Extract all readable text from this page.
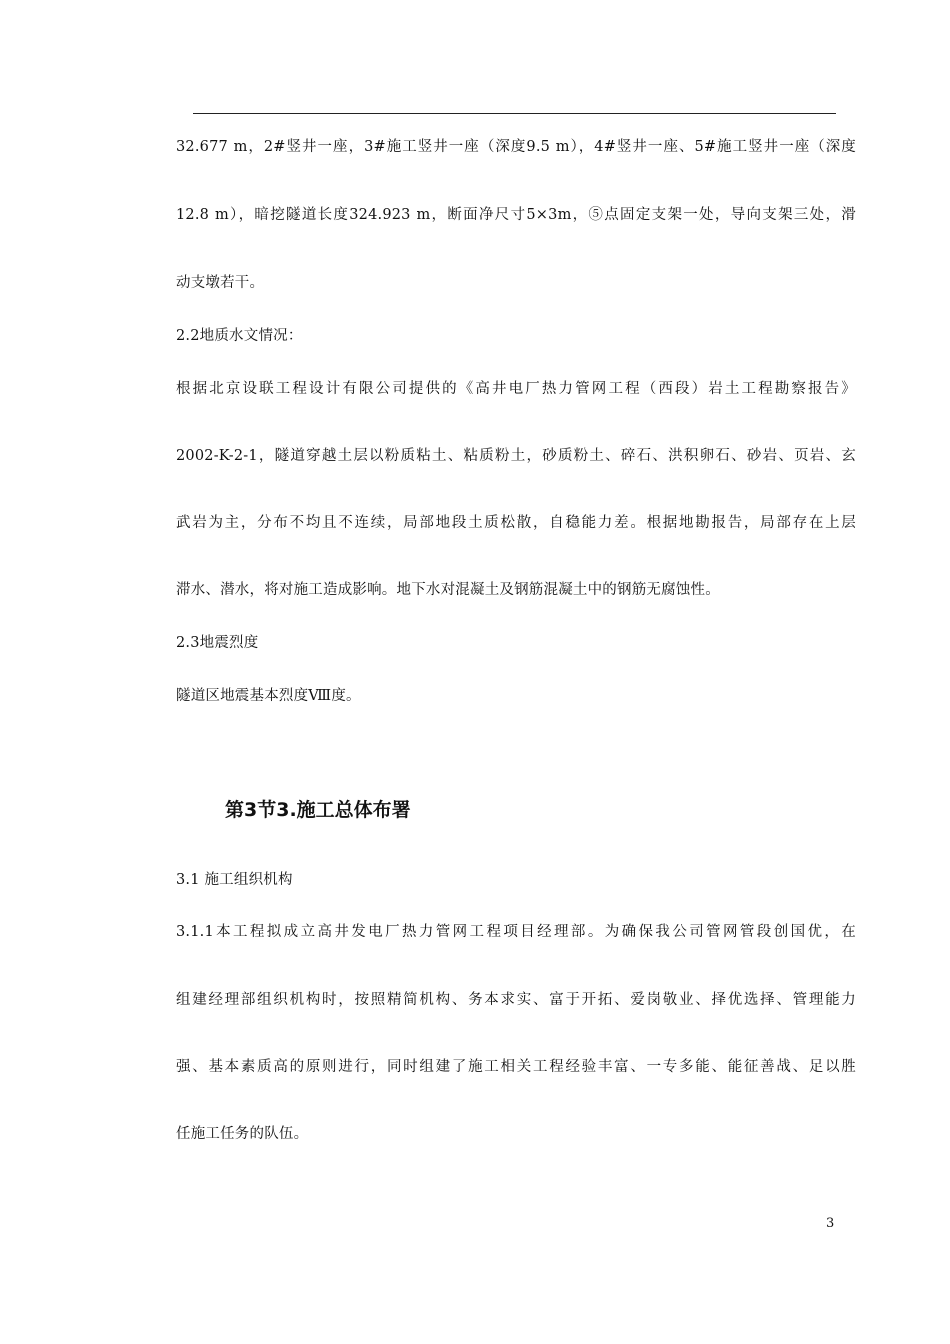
32.677 m，2#竖井一座，3#施工竖井一座（深度9.5 m），4#竖井一座、5#施工竖井一座（深度
12.8 m），暗挖隧道长度324.923 m，断面净尺寸5×3m，⑤点固定支架一处，导向支架三处，滑
动支墩若干。
2.2地质水文情况：
根据北京设联工程设计有限公司提供的《高井电厂热力管网工程（西段）岩土工程勘察报告》
2002-K-2-1，隧道穿越土层以粉质粘土、粘质粉土，砂质粉土、碎石、洪积卵石、砂岩、页岩、玄
武岩为主，分布不均且不连续，局部地段土质松散，自稳能力差。根据地勘报告，局部存在上层
滞水、潜水，将对施工造成影响。地下水对混凝土及钢筋混凝土中的钢筋无腐蚀性。
2.3地震烈度
隧道区地震基本烈度Ⅷ度。
第3节3.施工总体布署
3.1 施工组织机构
3.1.1本工程拟成立高井发电厂热力管网工程项目经理部。为确保我公司管网管段创国优，在
组建经理部组织机构时，按照精简机构、务本求实、富于开拓、爱岗敬业、择优选择、管理能力
强、基本素质高的原则进行，同时组建了施工相关工程经验丰富、一专多能、能征善战、足以胜
任施工任务的队伍。
3
